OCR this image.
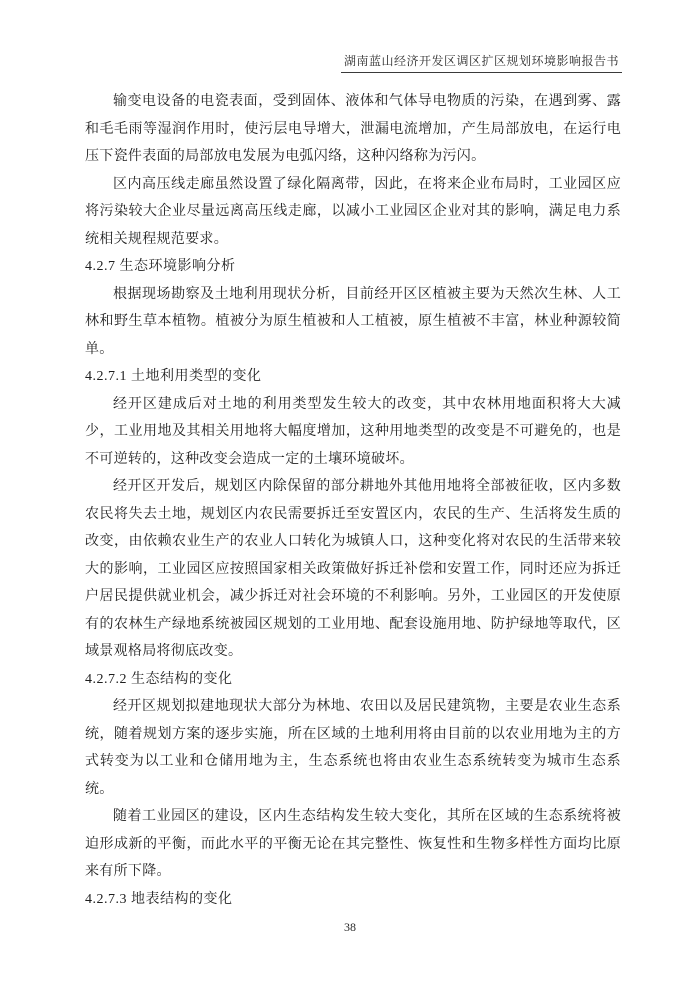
湖南蓝山经济开发区调区扩区规划环境影响报告书

输变电设备的电瓷表面，受到固体、液体和气体导电物质的污染，在遇到雾、露和毛毛雨等湿润作用时，使污层电导增大，泄漏电流增加，产生局部放电，在运行电压下瓷件表面的局部放电发展为电弧闪络，这种闪络称为污闪。

区内高压线走廊虽然设置了绿化隔离带，因此，在将来企业布局时，工业园区应将污染较大企业尽量远离高压线走廊，以减小工业园区企业对其的影响，满足电力系统相关规程规范要求。

4.2.7 生态环境影响分析

根据现场勘察及土地利用现状分析，目前经开区区植被主要为天然次生林、人工林和野生草本植物。植被分为原生植被和人工植被，原生植被不丰富，林业种源较简单。

4.2.7.1 土地利用类型的变化

经开区建成后对土地的利用类型发生较大的改变，其中农林用地面积将大大减少，工业用地及其相关用地将大幅度增加，这种用地类型的改变是不可避免的，也是不可逆转的，这种改变会造成一定的土壤环境破坏。

经开区开发后，规划区内除保留的部分耕地外其他用地将全部被征收，区内多数农民将失去土地，规划区内农民需要拆迁至安置区内，农民的生产、生活将发生质的改变，由依赖农业生产的农业人口转化为城镇人口，这种变化将对农民的生活带来较大的影响，工业园区应按照国家相关政策做好拆迁补偿和安置工作，同时还应为拆迁户居民提供就业机会，减少拆迁对社会环境的不利影响。另外，工业园区的开发使原有的农林生产绿地系统被园区规划的工业用地、配套设施用地、防护绿地等取代，区域景观格局将彻底改变。

4.2.7.2 生态结构的变化

经开区规划拟建地现状大部分为林地、农田以及居民建筑物，主要是农业生态系统，随着规划方案的逐步实施，所在区域的土地利用将由目前的以农业用地为主的方式转变为以工业和仓储用地为主，生态系统也将由农业生态系统转变为城市生态系统。

随着工业园区的建设，区内生态结构发生较大变化，其所在区域的生态系统将被迫形成新的平衡，而此水平的平衡无论在其完整性、恢复性和生物多样性方面均比原来有所下降。

4.2.7.3 地表结构的变化
38
